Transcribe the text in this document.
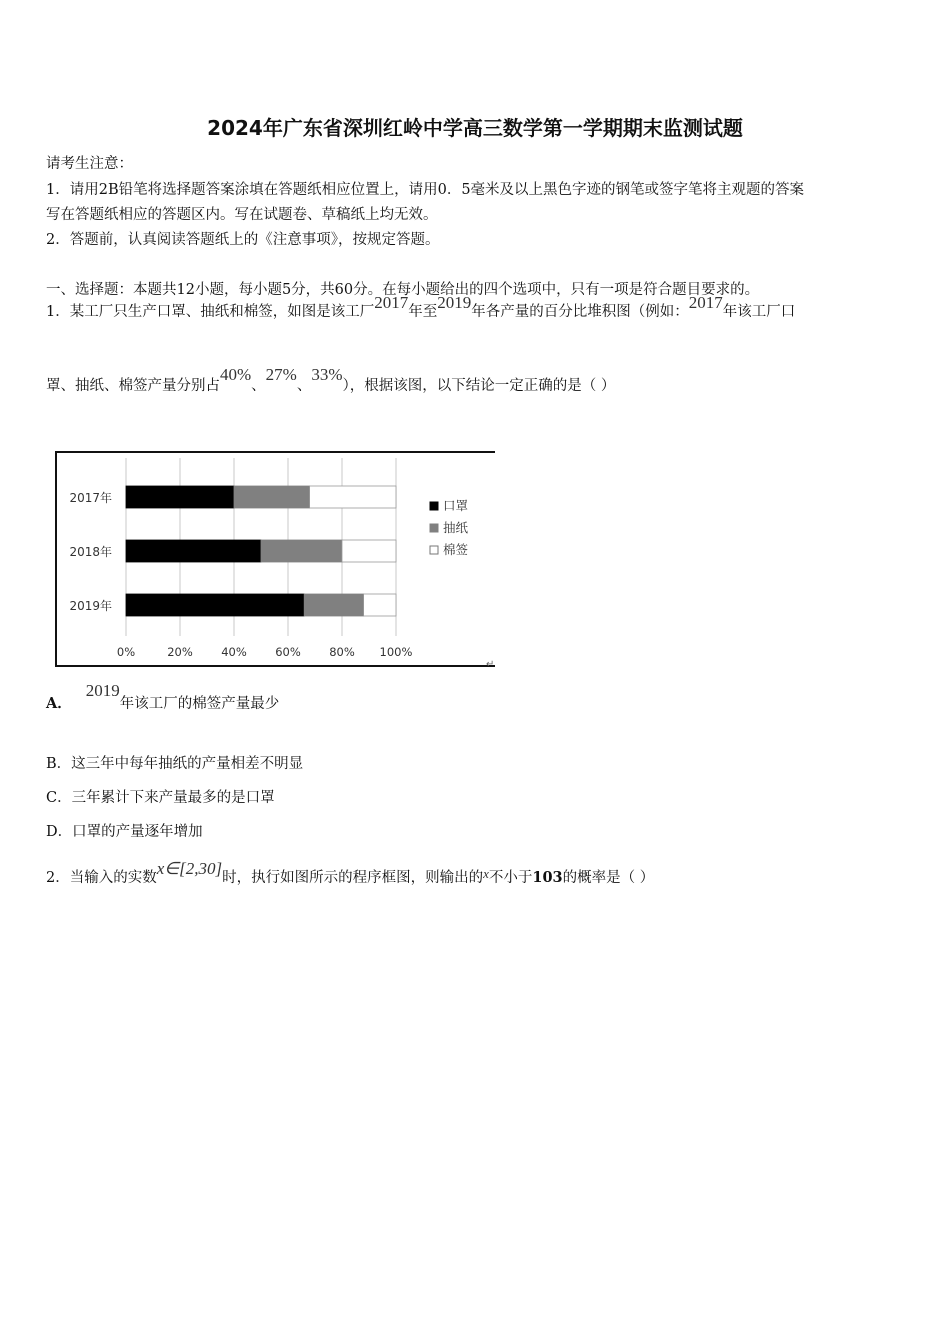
2024年广东省深圳红岭中学高三数学第一学期期末监测试题
请考生注意：
1．请用2B铅笔将选择题答案涂填在答题纸相应位置上，请用0．5毫米及以上黑色字迹的钢笔或签字笔将主观题的答案
写在答题纸相应的答题区内。写在试题卷、草稿纸上均无效。
2．答题前，认真阅读答题纸上的《注意事项》，按规定答题。
一、选择题：本题共12小题，每小题5分，共60分。在每小题给出的四个选项中，只有一项是符合题目要求的。
1．某工厂只生产口罩、抽纸和棉签，如图是该工厂2017年至2019年各产量的百分比堆积图（例如：2017年该工厂口
罩、抽纸、棉签产量分别占40%、27%、33%），根据该图，以下结论一定正确的是（ ）
2017年
2018年
2019年
0%	20% 40% 60% 80% 100%
口罩
抽纸
棉签
↵
A．2019年该工厂的棉签产量最少
B．这三年中每年抽纸的产量相差不明显
C．三年累计下来产量最多的是口罩
D．口罩的产量逐年增加
2．当输入的实数x∈[2,30]时，执行如图所示的程序框图，则输出的x不小于103的概率是（ ）
